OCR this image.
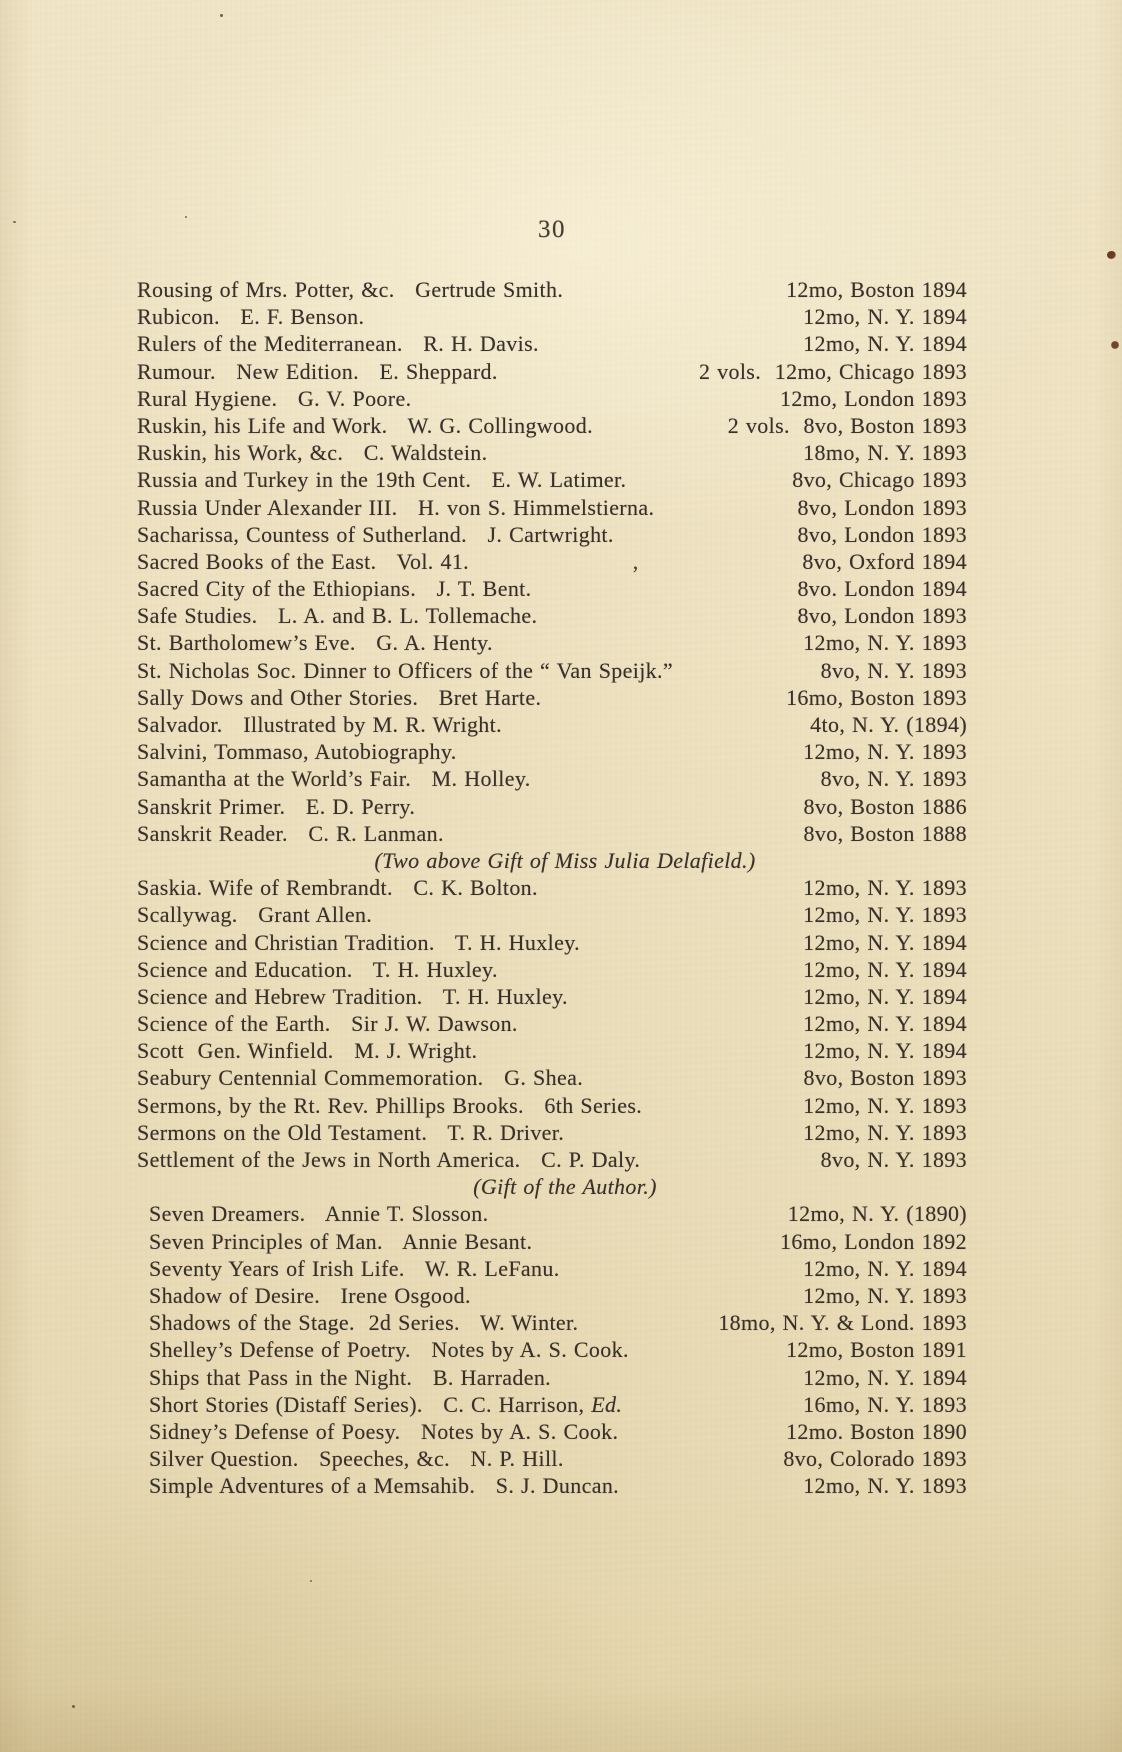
30
Rousing of Mrs. Potter, &c.   Gertrude Smith.	12mo, Boston 1894
Rubicon.   E. F. Benson.	12mo, N. Y. 1894
Rulers of the Mediterranean.   R. H. Davis.	12mo, N. Y. 1894
Rumour.   New Edition.   E. Sheppard.	2 vols.  12mo, Chicago 1893
Rural Hygiene.   G. V. Poore.	12mo, London 1893
Ruskin, his Life and Work.   W. G. Collingwood.	2 vols.  8vo, Boston 1893
Ruskin, his Work, &c.   C. Waldstein.	18mo, N. Y. 1893
Russia and Turkey in the 19th Cent.   E. W. Latimer.	8vo, Chicago 1893
Russia Under Alexander III.   H. von S. Himmelstierna.	8vo, London 1893
Sacharissa, Countess of Sutherland.   J. Cartwright.	8vo, London 1893
Sacred Books of the East.   Vol. 41.	,	8vo, Oxford 1894
Sacred City of the Ethiopians.   J. T. Bent.	8vo. London 1894
Safe Studies.   L. A. and B. L. Tollemache.	8vo, London 1893
St. Bartholomew’s Eve.   G. A. Henty.	12mo, N. Y. 1893
St. Nicholas Soc. Dinner to Officers of the “ Van Speijk.”	8vo, N. Y. 1893
Sally Dows and Other Stories.   Bret Harte.	16mo, Boston 1893
Salvador.   Illustrated by M. R. Wright.	4to, N. Y. (1894)
Salvini, Tommaso, Autobiography.	12mo, N. Y. 1893
Samantha at the World’s Fair.   M. Holley.	8vo, N. Y. 1893
Sanskrit Primer.   E. D. Perry.	8vo, Boston 1886
Sanskrit Reader.   C. R. Lanman.	8vo, Boston 1888
(Two above Gift of Miss Julia Delafield.)
Saskia. Wife of Rembrandt.   C. K. Bolton.	12mo, N. Y. 1893
Scallywag.   Grant Allen.	12mo, N. Y. 1893
Science and Christian Tradition.   T. H. Huxley.	12mo, N. Y. 1894
Science and Education.   T. H. Huxley.	12mo, N. Y. 1894
Science and Hebrew Tradition.   T. H. Huxley.	12mo, N. Y. 1894
Science of the Earth.   Sir J. W. Dawson.	12mo, N. Y. 1894
Scott  Gen. Winfield.   M. J. Wright.	12mo, N. Y. 1894
Seabury Centennial Commemoration.   G. Shea.	8vo, Boston 1893
Sermons, by the Rt. Rev. Phillips Brooks.   6th Series.	12mo, N. Y. 1893
Sermons on the Old Testament.   T. R. Driver.	12mo, N. Y. 1893
Settlement of the Jews in North America.   C. P. Daly.	8vo, N. Y. 1893
(Gift of the Author.)
Seven Dreamers.   Annie T. Slosson.	12mo, N. Y. (1890)
Seven Principles of Man.   Annie Besant.	16mo, London 1892
Seventy Years of Irish Life.   W. R. LeFanu.	12mo, N. Y. 1894
Shadow of Desire.   Irene Osgood.	12mo, N. Y. 1893
Shadows of the Stage.  2d Series.   W. Winter.	18mo, N. Y. & Lond. 1893
Shelley’s Defense of Poetry.   Notes by A. S. Cook.	12mo, Boston 1891
Ships that Pass in the Night.   B. Harraden.	12mo, N. Y. 1894
Short Stories (Distaff Series).   C. C. Harrison, Ed.	16mo, N. Y. 1893
Sidney’s Defense of Poesy.   Notes by A. S. Cook.	12mo. Boston 1890
Silver Question.   Speeches, &c.   N. P. Hill.	8vo, Colorado 1893
Simple Adventures of a Memsahib.   S. J. Duncan.	12mo, N. Y. 1893
